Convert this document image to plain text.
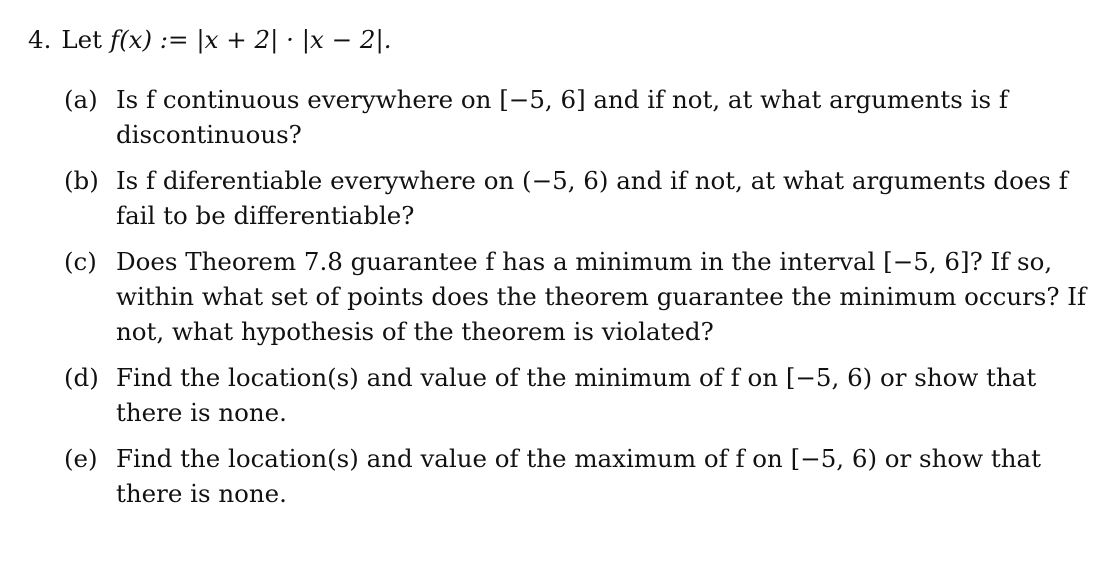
4. Let f(x) := |x + 2| · |x − 2|.
(a) Is f continuous everywhere on [−5, 6] and if not, at what arguments is f discontinuous?
(b) Is f diferentiable everywhere on (−5, 6) and if not, at what arguments does f fail to be differentiable?
(c) Does Theorem 7.8 guarantee f has a minimum in the interval [−5, 6]? If so, within what set of points does the theorem guarantee the minimum occurs? If not, what hypothesis of the theorem is violated?
(d) Find the location(s) and value of the minimum of f on [−5, 6) or show that there is none.
(e) Find the location(s) and value of the maximum of f on [−5, 6) or show that there is none.
